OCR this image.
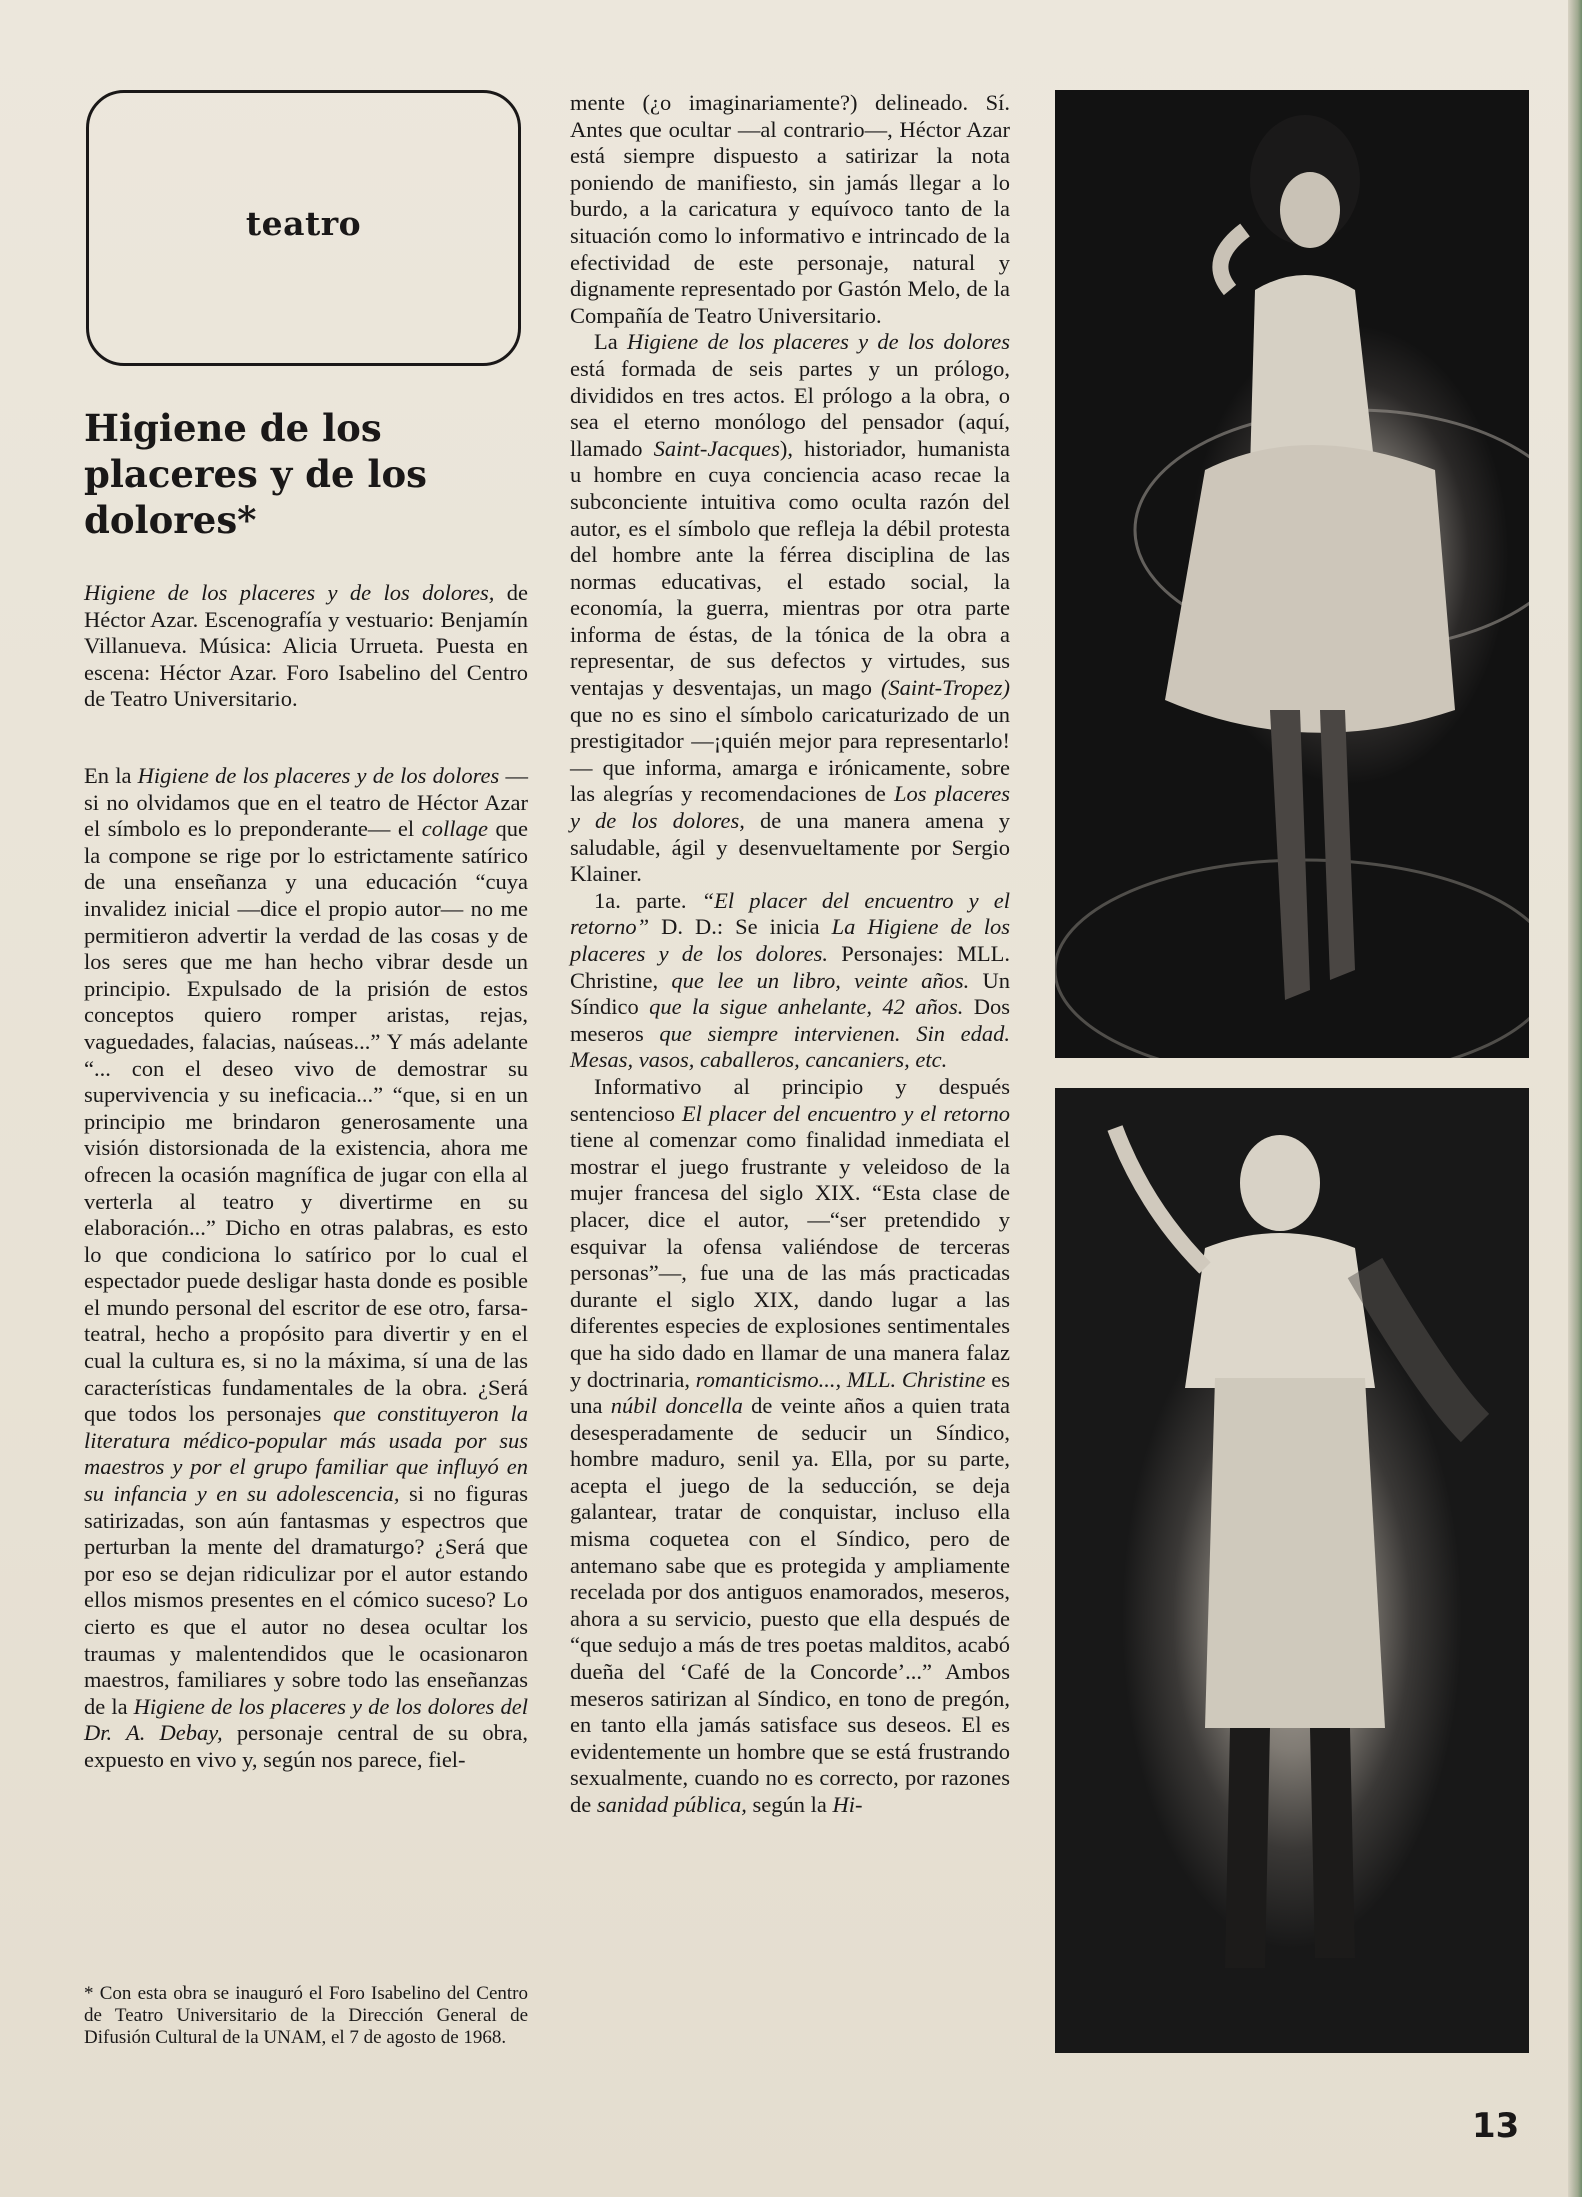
teatro
Higiene de los placeres y de los dolores*

Higiene de los placeres y de los dolores, de Héctor Azar. Escenografía y vestuario: Benjamín Villanueva. Música: Alicia Urrueta. Puesta en escena: Héctor Azar. Foro Isabelino del Centro de Teatro Universitario.

En la Higiene de los placeres y de los dolores —si no olvidamos que en el teatro de Héctor Azar el símbolo es lo preponderante— el collage que la compone se rige por lo estrictamente satírico de una enseñanza y una educación “cuya invalidez inicial —dice el propio autor— no me permitieron advertir la verdad de las cosas y de los seres que me han hecho vibrar desde un principio. Expulsado de la prisión de estos conceptos quiero romper aristas, rejas, vaguedades, falacias, naúseas...” Y más adelante “... con el deseo vivo de demostrar su supervivencia y su ineficacia...” “que, si en un principio me brindaron generosamente una visión distorsionada de la existencia, ahora me ofrecen la ocasión magnífica de jugar con ella al verterla al teatro y divertirme en su elaboración...” Dicho en otras palabras, es esto lo que condiciona lo satírico por lo cual el espectador puede desligar hasta donde es posible el mundo personal del escritor de ese otro, farsa-teatral, hecho a propósito para divertir y en el cual la cultura es, si no la máxima, sí una de las características fundamentales de la obra. ¿Será que todos los personajes que constituyeron la literatura médico-popular más usada por sus maestros y por el grupo familiar que influyó en su infancia y en su adolescencia, si no figuras satirizadas, son aún fantasmas y espectros que perturban la mente del dramaturgo? ¿Será que por eso se dejan ridiculizar por el autor estando ellos mismos presentes en el cómico suceso? Lo cierto es que el autor no desea ocultar los traumas y malentendidos que le ocasionaron maestros, familiares y sobre todo las enseñanzas de la Higiene de los placeres y de los dolores del Dr. A. Debay, personaje central de su obra, expuesto en vivo y, según nos parece, fiel-

* Con esta obra se inauguró el Foro Isabelino del Centro de Teatro Universitario de la Dirección General de Difusión Cultural de la UNAM, el 7 de agosto de 1968.

mente (¿o imaginariamente?) delineado. Sí. Antes que ocultar —al contrario—, Héctor Azar está siempre dispuesto a satirizar la nota poniendo de manifiesto, sin jamás llegar a lo burdo, a la caricatura y equívoco tanto de la situación como lo informativo e intrincado de la efectividad de este personaje, natural y dignamente representado por Gastón Melo, de la Compañía de Teatro Universitario.

La Higiene de los placeres y de los dolores está formada de seis partes y un prólogo, divididos en tres actos. El prólogo a la obra, o sea el eterno monólogo del pensador (aquí, llamado Saint-Jacques), historiador, humanista u hombre en cuya conciencia acaso recae la subconciente intuitiva como oculta razón del autor, es el símbolo que refleja la débil protesta del hombre ante la férrea disciplina de las normas educativas, el estado social, la economía, la guerra, mientras por otra parte informa de éstas, de la tónica de la obra a representar, de sus defectos y virtudes, sus ventajas y desventajas, un mago (Saint-Tropez) que no es sino el símbolo caricaturizado de un prestigitador —¡quién mejor para representarlo!— que informa, amarga e irónicamente, sobre las alegrías y recomendaciones de Los placeres y de los dolores, de una manera amena y saludable, ágil y desenvueltamente por Sergio Klainer.

1a. parte. “El placer del encuentro y el retorno” D. D.: Se inicia La Higiene de los placeres y de los dolores. Personajes: MLL. Christine, que lee un libro, veinte años. Un Síndico que la sigue anhelante, 42 años. Dos meseros que siempre intervienen. Sin edad. Mesas, vasos, caballeros, cancaniers, etc.

Informativo al principio y después sentencioso El placer del encuentro y el retorno tiene al comenzar como finalidad inmediata el mostrar el juego frustrante y veleidoso de la mujer francesa del siglo XIX. “Esta clase de placer, dice el autor, —“ser pretendido y esquivar la ofensa valiéndose de terceras personas”—, fue una de las más practicadas durante el siglo XIX, dando lugar a las diferentes especies de explosiones sentimentales que ha sido dado en llamar de una manera falaz y doctrinaria, romanticismo..., MLL. Christine es una núbil doncella de veinte años a quien trata desesperadamente de seducir un Síndico, hombre maduro, senil ya. Ella, por su parte, acepta el juego de la seducción, se deja galantear, tratar de conquistar, incluso ella misma coquetea con el Síndico, pero de antemano sabe que es protegida y ampliamente recelada por dos antiguos enamorados, meseros, ahora a su servicio, puesto que ella después de “que sedujo a más de tres poetas malditos, acabó dueña del ‘Café de la Concorde’...” Ambos meseros satirizan al Síndico, en tono de pregón, en tanto ella jamás satisface sus deseos. El es evidentemente un hombre que se está frustrando sexualmente, cuando no es correcto, por razones de sanidad pública, según la Hi-

13
